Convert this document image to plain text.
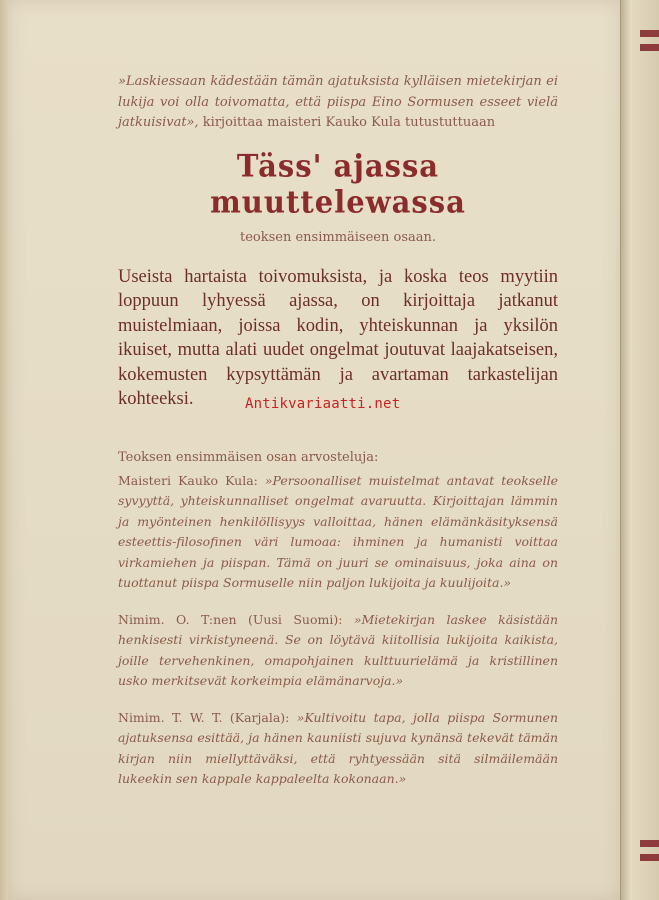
»Laskiessaan kädestään tämän ajatuksista kylläisen mietekirjan ei lukija voi olla toivomatta, että piispa Eino Sormusen esseet vielä jatkuisivat», kirjoittaa maisteri Kauko Kula tutustuttuaan

Täss' ajassa muuttelewassa
teoksen ensimmäiseen osaan.

Useista hartaista toivomuksista, ja koska teos myytiin loppuun lyhyessä ajassa, on kirjoittaja jatkanut muistelmiaan, joissa kodin, yhteiskunnan ja yksilön ikuiset, mutta alati uudet ongelmat joutuvat laajakatseisen, kokemusten kypsyttämän ja avartaman tarkastelijan kohteeksi.

Teoksen ensimmäisen osan arvosteluja:

Maisteri Kauko Kula: »Persoonalliset muistelmat antavat teokselle syvyyttä, yhteiskunnalliset ongelmat avaruutta. Kirjoittajan lämmin ja myönteinen henkilöllisyys valloittaa, hänen elämänkäsityksensä esteettis-filosofinen väri lumoaa: ihminen ja humanisti voittaa virkamiehen ja piispan. Tämä on juuri se ominaisuus, joka aina on tuottanut piispa Sormuselle niin paljon lukijoita ja kuulijoita.»

Nimim. O. T:nen (Uusi Suomi): »Mietekirjan laskee käsistään henkisesti virkistyneenä. Se on löytävä kiitollisia lukijoita kaikista, joille tervehenkinen, omapohjainen kulttuurielämä ja kristillinen usko merkitsevät korkeimpia elämänarvoja.»

Nimim. T. W. T. (Karjala): »Kultivoitu tapa, jolla piispa Sormunen ajatuksensa esittää, ja hänen kauniisti sujuva kynänsä tekevät tämän kirjan niin miellyttäväksi, että ryhtyessään sitä silmäilemään lukeekin sen kappale kappaleelta kokonaan.»

Antikvariaatti.net
